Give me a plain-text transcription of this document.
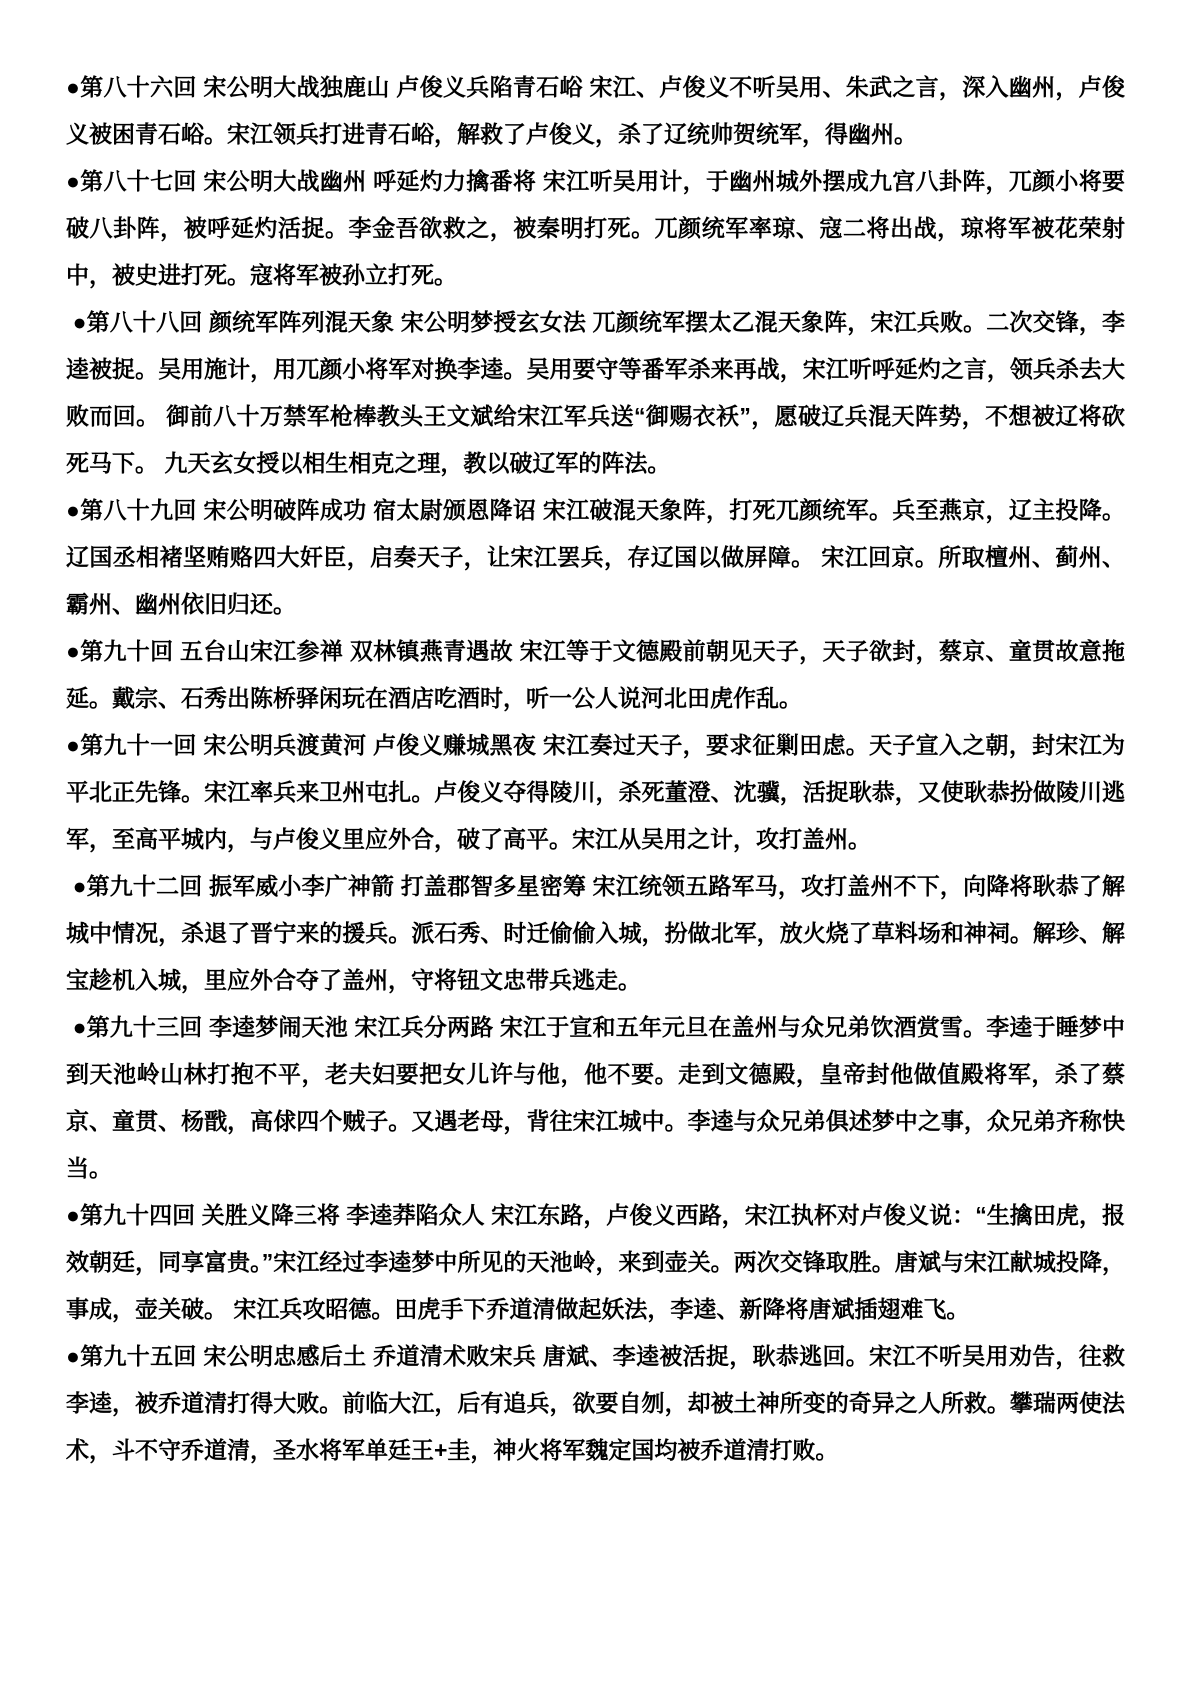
●第八十六回 宋公明大战独鹿山 卢俊义兵陷青石峪 宋江、卢俊义不听吴用、朱武之言，深入幽州，卢俊义被困青石峪。宋江领兵打进青石峪，解救了卢俊义，杀了辽统帅贺统军，得幽州。

●第八十七回 宋公明大战幽州 呼延灼力擒番将 宋江听吴用计，于幽州城外摆成九宫八卦阵，兀颜小将要破八卦阵，被呼延灼活捉。李金吾欲救之，被秦明打死。兀颜统军率琼、寇二将出战，琼将军被花荣射中，被史进打死。寇将军被孙立打死。

●第八十八回 颜统军阵列混天象 宋公明梦授玄女法 兀颜统军摆太乙混天象阵，宋江兵败。二次交锋，李逵被捉。吴用施计，用兀颜小将军对换李逵。吴用要守等番军杀来再战，宋江听呼延灼之言，领兵杀去大败而回。 御前八十万禁军枪棒教头王文斌给宋江军兵送“御赐衣袄”，愿破辽兵混天阵势，不想被辽将砍死马下。 九天玄女授以相生相克之理，教以破辽军的阵法。

●第八十九回 宋公明破阵成功 宿太尉颁恩降诏 宋江破混天象阵，打死兀颜统军。兵至燕京，辽主投降。辽国丞相褚坚贿赂四大奸臣，启奏天子，让宋江罢兵，存辽国以做屏障。 宋江回京。所取檀州、蓟州、霸州、幽州依旧归还。

●第九十回 五台山宋江参禅 双林镇燕青遇故 宋江等于文德殿前朝见天子，天子欲封，蔡京、童贯故意拖延。戴宗、石秀出陈桥驿闲玩在酒店吃酒时，听一公人说河北田虎作乱。

●第九十一回 宋公明兵渡黄河 卢俊义赚城黑夜 宋江奏过天子，要求征剿田虑。天子宣入之朝，封宋江为平北正先锋。宋江率兵来卫州屯扎。卢俊义夺得陵川，杀死董澄、沈骥，活捉耿恭，又使耿恭扮做陵川逃军，至高平城内，与卢俊义里应外合，破了高平。宋江从吴用之计，攻打盖州。

●第九十二回 振军威小李广神箭 打盖郡智多星密筹 宋江统领五路军马，攻打盖州不下，向降将耿恭了解城中情况，杀退了晋宁来的援兵。派石秀、时迁偷偷入城，扮做北军，放火烧了草料场和神祠。解珍、解宝趁机入城，里应外合夺了盖州，守将钮文忠带兵逃走。

●第九十三回 李逵梦闹天池 宋江兵分两路 宋江于宣和五年元旦在盖州与众兄弟饮酒赏雪。李逵于睡梦中到天池岭山林打抱不平，老夫妇要把女儿许与他，他不要。走到文德殿，皇帝封他做值殿将军，杀了蔡京、童贯、杨戬，高俅四个贼子。又遇老母，背往宋江城中。李逵与众兄弟俱述梦中之事，众兄弟齐称快当。

●第九十四回 关胜义降三将 李逵莽陷众人 宋江东路，卢俊义西路，宋江执杯对卢俊义说：“生擒田虎，报效朝廷，同享富贵。”宋江经过李逵梦中所见的天池岭，来到壶关。两次交锋取胜。唐斌与宋江献城投降，事成，壶关破。 宋江兵攻昭德。田虎手下乔道清做起妖法，李逵、新降将唐斌插翅难飞。

●第九十五回 宋公明忠感后土 乔道清术败宋兵 唐斌、李逵被活捉，耿恭逃回。宋江不听吴用劝告，往救李逵，被乔道清打得大败。前临大江，后有追兵，欲要自刎，却被土神所变的奇异之人所救。攀瑞两使法术，斗不守乔道清，圣水将军单廷王+圭，神火将军魏定国均被乔道清打败。
